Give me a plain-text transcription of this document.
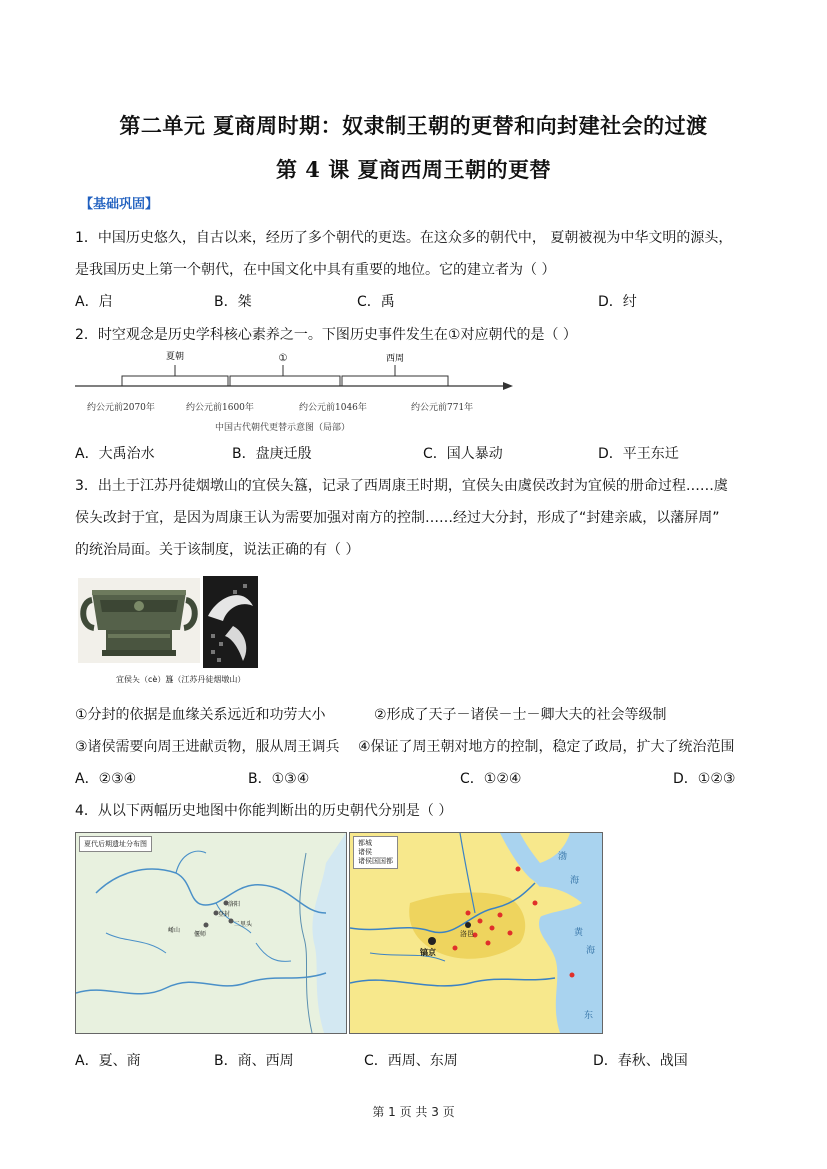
第二单元 夏商周时期：奴隶制王朝的更替和向封建社会的过渡
第 4 课 夏商西周王朝的更替
【基础巩固】
1．中国历史悠久，自古以来，经历了多个朝代的更迭。在这众多的朝代中， 夏朝被视为中华文明的源头，
是我国历史上第一个朝代，在中国文化中具有重要的地位。它的建立者为（ ）
A．启	B．桀	C．禹	D．纣
2．时空观念是历史学科核心素养之一。下图历史事件发生在①对应朝代的是（ ）
夏朝	①	西周
约公元前2070年	约公元前1600年	约公元前1046年	约公元前771年
中国古代朝代更替示意图（局部）
A．大禹治水	B．盘庚迁殷	C．国人暴动	D．平王东迁
3．出土于江苏丹徒烟墩山的宜侯夨簋，记录了西周康王时期，宜侯夨由虞侯改封为宜候的册命过程……虞
侯夨改封于宜，是因为周康王认为需要加强对南方的控制……经过大分封，形成了“封建亲戚，以藩屏周”
的统治局面。关于该制度，说法正确的有（ ）
宜侯夨（cè）簋（江苏丹徒烟墩山）
①分封的依据是血缘关系远近和功劳大小	②形成了天子－诸侯－士－卿大夫的社会等级制
③诸侯需要向周王进献贡物，服从周王调兵 ④保证了周王朝对地方的控制，稳定了政局，扩大了统治范围
A．②③④	B．①③④	C．①②④	D．①②③
4．从以下两幅历史地图中你能判断出的历史朝代分别是（ ）
夏代后期遗址分布图
洛阳
登封
二里头
偃师
崤山
都城
诸侯
诸侯国国都
镐京
洛邑
渤
海
黄
海
东
A．夏、商	B．商、西周	C．西周、东周	D．春秋、战国
第 1 页 共 3 页
